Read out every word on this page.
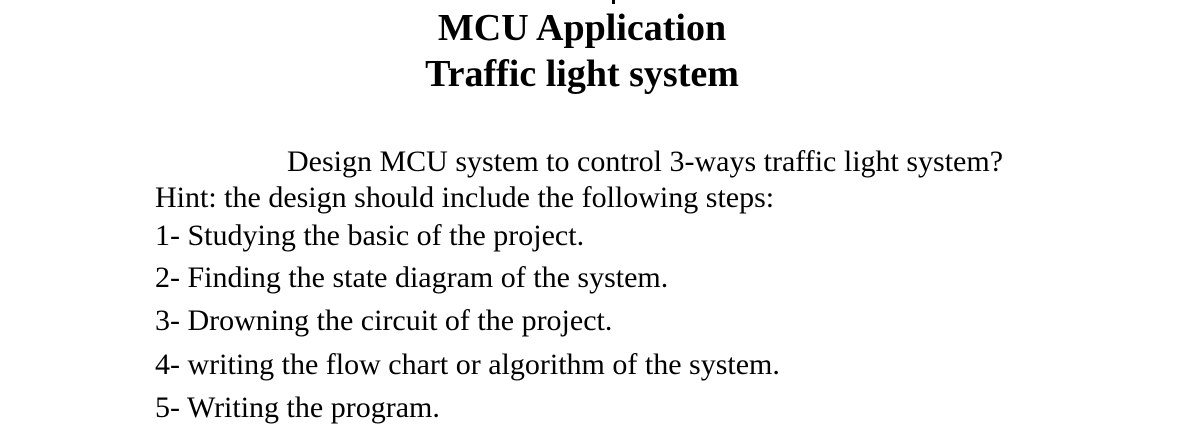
MCU Application
Traffic light system

Design MCU system to control 3-ways traffic light system?

Hint: the design should include the following steps:

1- Studying the basic of the project.

2- Finding the state diagram of the system.

3- Drowning the circuit of the project.

4- writing the flow chart or algorithm of the system.

5- Writing the program.
